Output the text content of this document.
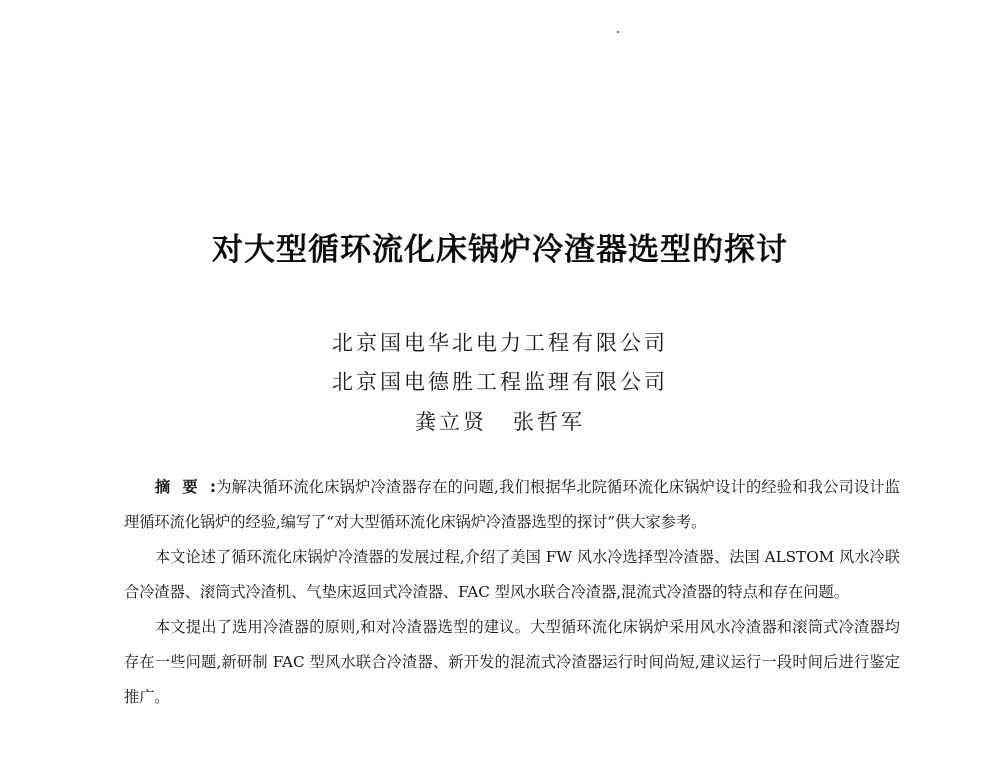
对大型循环流化床锅炉冷渣器选型的探讨
北京国电华北电力工程有限公司
北京国电德胜工程监理有限公司
龚立贤 张哲军

摘要:为解决循环流化床锅炉冷渣器存在的问题,我们根据华北院循环流化床锅炉设计的经验和我公司设计监理循环流化锅炉的经验,编写了“对大型循环流化床锅炉冷渣器选型的探讨”供大家参考。

本文论述了循环流化床锅炉冷渣器的发展过程,介绍了美国 FW 风水冷选择型冷渣器、法国 ALSTOM 风水冷联合冷渣器、滚筒式冷渣机、气垫床返回式冷渣器、FAC 型风水联合冷渣器,混流式冷渣器的特点和存在问题。

本文提出了选用冷渣器的原则,和对冷渣器选型的建议。大型循环流化床锅炉采用风水冷渣器和滚筒式冷渣器均存在一些问题,新研制 FAC 型风水联合冷渣器、新开发的混流式冷渣器运行时间尚短,建议运行一段时间后进行鉴定推广。
